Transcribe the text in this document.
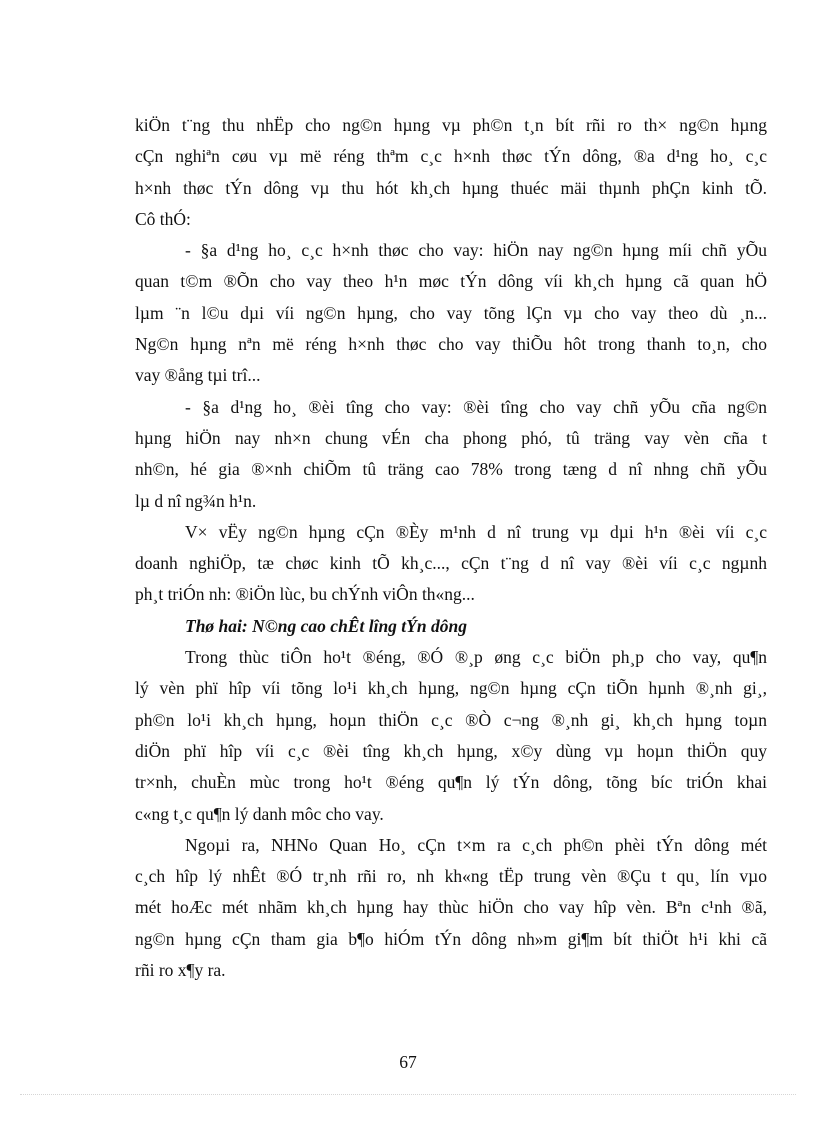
kiÖn t¨ng thu nhËp cho ng©n hµng vµ ph©n t¸n bít rñi ro th× ng©n hµng
cÇn nghiªn cøu vµ më réng thªm c¸c h×nh thøc tÝn dông, ®a d¹ng ho¸ c¸c
h×nh thøc tÝn dông vµ thu hót kh¸ch hµng thuéc mäi thµnh phÇn kinh tÕ.
Cô thÓ:
- §a d¹ng ho¸ c¸c h×nh thøc cho vay: hiÖn nay ng©n hµng míi chñ yÕu
quan t©m ®Õn cho vay theo h¹n møc tÝn dông víi kh¸ch hµng cã quan hÖ
lµm ¨n l©u dµi víi ng©n hµng, cho vay tõng lÇn vµ cho vay theo dù ¸n...
Ng©n hµng nªn më réng h×nh thøc cho vay thiÕu hôt trong thanh to¸n, cho
vay ®ång tµi trî...
- §a d¹ng ho¸ ®èi tîng cho vay: ®èi tîng cho vay chñ yÕu cña ng©n
hµng hiÖn nay nh×n chung vÉn cha phong phó, tû träng vay vèn cña t
nh©n, hé gia ®×nh chiÕm tû träng cao 78% trong tæng d nî nhng chñ yÕu
lµ d nî ng¾n h¹n.
V× vËy ng©n hµng cÇn ®Èy m¹nh d nî trung vµ dµi h¹n ®èi víi c¸c
doanh nghiÖp, tæ chøc kinh tÕ kh¸c..., cÇn t¨ng d nî vay ®èi víi c¸c ngµnh
ph¸t triÓn nh: ®iÖn lùc, bu chÝnh viÔn th«ng...
Thø hai: N©ng cao chÊt lîng tÝn dông
Trong thùc tiÔn ho¹t ®éng, ®Ó ®¸p øng c¸c biÖn ph¸p cho vay, qu¶n
lý vèn phï hîp víi tõng lo¹i kh¸ch hµng, ng©n hµng cÇn tiÕn hµnh ®¸nh gi¸,
ph©n lo¹i kh¸ch hµng, hoµn thiÖn c¸c ®Ò c¬ng ®¸nh gi¸ kh¸ch hµng toµn
diÖn phï hîp víi c¸c ®èi tîng kh¸ch hµng, x©y dùng vµ hoµn thiÖn quy
tr×nh, chuÈn mùc trong ho¹t ®éng qu¶n lý tÝn dông, tõng bíc triÓn khai
c«ng t¸c qu¶n lý danh môc cho vay.
Ngoµi ra, NHNo Quan Ho¸ cÇn t×m ra c¸ch ph©n phèi tÝn dông mét
c¸ch hîp lý nhÊt ®Ó tr¸nh rñi ro, nh kh«ng tËp trung vèn ®Çu t qu¸ lín vµo
mét hoÆc mét nhãm kh¸ch hµng hay thùc hiÖn cho vay hîp vèn. Bªn c¹nh ®ã,
ng©n hµng cÇn tham gia b¶o hiÓm tÝn dông nh»m gi¶m bít thiÖt h¹i khi cã
rñi ro x¶y ra.
67
